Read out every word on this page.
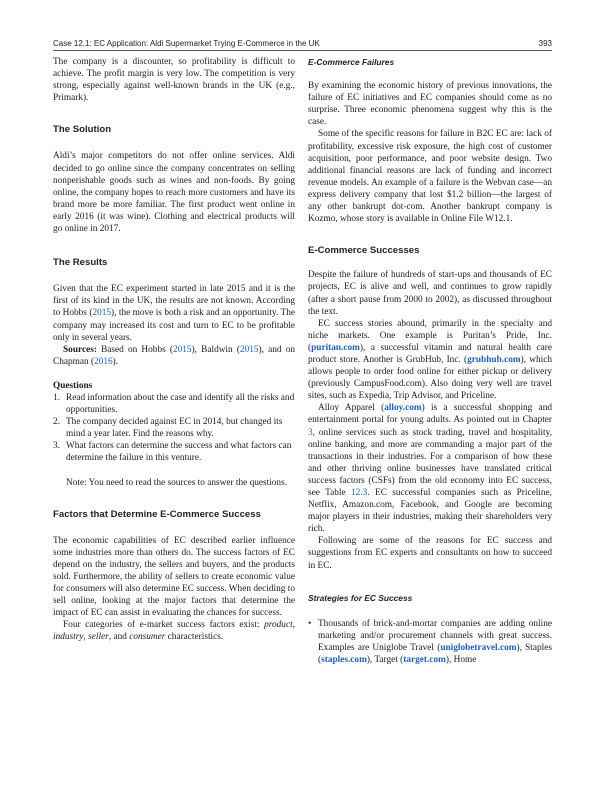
Case 12.1: EC Application: Aldi Supermarket Trying E-Commerce in the UK	393

The company is a discounter, so profitability is difficult to achieve. The profit margin is very low. The competition is very strong, especially against well-known brands in the UK (e.g., Primark).

The Solution

Aldi’s major competitors do not offer online services. Aldi decided to go online since the company concentrates on selling nonperishable goods such as wines and non-foods. By going online, the company hopes to reach more customers and have its brand more be more familiar. The first product went online in early 2016 (it was wine). Clothing and electrical products will go online in 2017.

The Results

Given that the EC experiment started in late 2015 and it is the first of its kind in the UK, the results are not known. According to Hobbs (2015), the move is both a risk and an opportunity. The company may increased its cost and turn to EC to be profitable only in several years.

Sources: Based on Hobbs (2015), Baldwin (2015), and on Chapman (2016).

Questions
1. Read information about the case and identify all the risks and opportunities.
2. The company decided against EC in 2014, but changed its mind a year later. Find the reasons why.
3. What factors can determine the success and what factors can determine the failure in this venture.

Note: You need to read the sources to answer the questions.

Factors that Determine E-Commerce Success

The economic capabilities of EC described earlier influence some industries more than others do. The success factors of EC depend on the industry, the sellers and buyers, and the products sold. Furthermore, the ability of sellers to create economic value for consumers will also determine EC success. When deciding to sell online, looking at the major factors that determine the impact of EC can assist in evaluating the chances for success.

Four categories of e-market success factors exist: product, industry, seller, and consumer characteristics.

E-Commerce Failures

By examining the economic history of previous innovations, the failure of EC initiatives and EC companies should come as no surprise. Three economic phenomena suggest why this is the case.

Some of the specific reasons for failure in B2C EC are: lack of profitability, excessive risk exposure, the high cost of customer acquisition, poor performance, and poor website design. Two additional financial reasons are lack of funding and incorrect revenue models. An example of a failure is the Webvan case—an express delivery company that lost $1.2 billion—the largest of any other bankrupt dot-com. Another bankrupt company is Kozmo, whose story is available in Online File W12.1.

E-Commerce Successes

Despite the failure of hundreds of start-ups and thousands of EC projects, EC is alive and well, and continues to grow rapidly (after a short pause from 2000 to 2002), as discussed throughout the text.

EC success stories abound, primarily in the specialty and niche markets. One example is Puritan’s Pride, Inc. (puritan.com), a successful vitamin and natural health care product store. Another is GrubHub, Inc. (grubhub.com), which allows people to order food online for either pickup or delivery (previously CampusFood.com). Also doing very well are travel sites, such as Expedia, Trip Advisor, and Priceline.

Alloy Apparel (alloy.com) is a successful shopping and entertainment portal for young adults. As pointed out in Chapter 3, online services such as stock trading, travel and hospitality, online banking, and more are commanding a major part of the transactions in their industries. For a comparison of how these and other thriving online businesses have translated critical success factors (CSFs) from the old economy into EC success, see Table 12.3. EC successful companies such as Priceline, Netflix, Amazon.com, Facebook, and Google are becoming major players in their industries, making their shareholders very rich.

Following are some of the reasons for EC success and suggestions from EC experts and consultants on how to succeed in EC.

Strategies for EC Success
• Thousands of brick-and-mortar companies are adding online marketing and/or procurement channels with great success. Examples are Uniglobe Travel (uniglobetravel.com), Staples (staples.com), Target (target.com), Home
